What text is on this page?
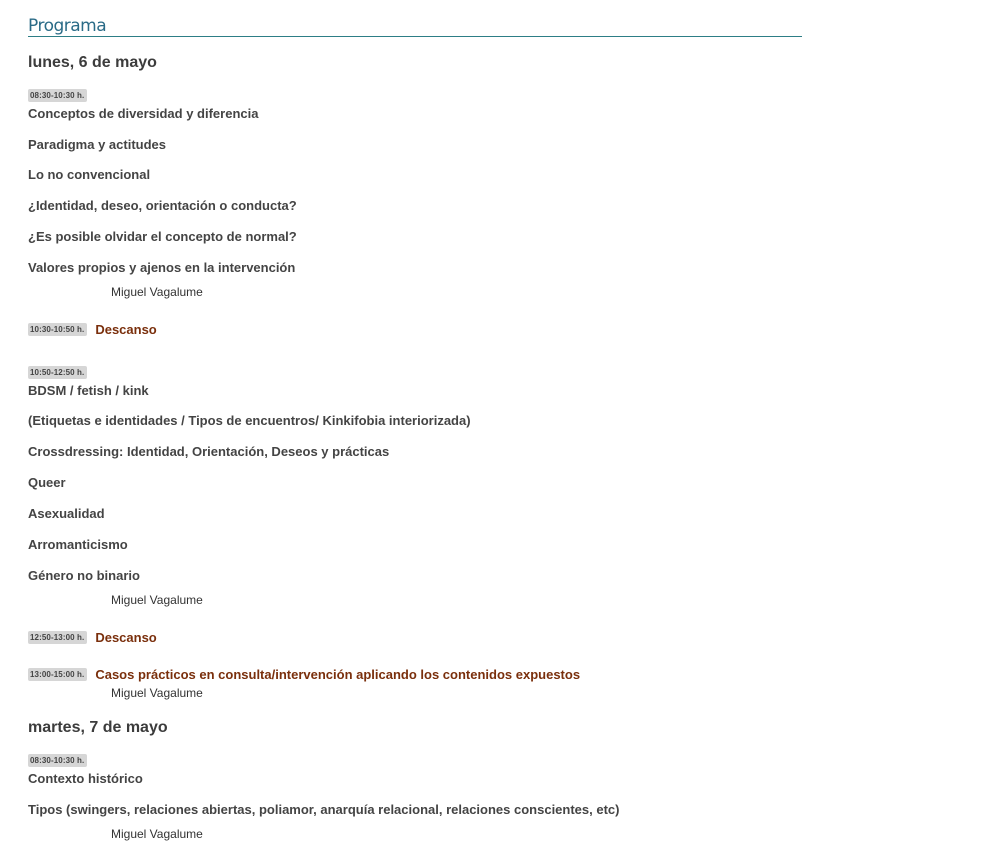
Programa
lunes, 6 de mayo
08:30-10:30 h.
Conceptos de diversidad y diferencia
Paradigma y actitudes
Lo no convencional
¿Identidad, deseo, orientación o conducta?
¿Es posible olvidar el concepto de normal?
Valores propios y ajenos en la intervención
Miguel Vagalume
10:30-10:50 h. Descanso
10:50-12:50 h.
BDSM / fetish / kink
(Etiquetas e identidades / Tipos de encuentros/ Kinkifobia interiorizada)
Crossdressing: Identidad, Orientación, Deseos y prácticas
Queer
Asexualidad
Arromanticismo
Género no binario
Miguel Vagalume
12:50-13:00 h. Descanso
13:00-15:00 h. Casos prácticos en consulta/intervención aplicando los contenidos expuestos
Miguel Vagalume
martes, 7 de mayo
08:30-10:30 h.
Contexto histórico
Tipos (swingers, relaciones abiertas, poliamor, anarquía relacional, relaciones conscientes, etc)
Miguel Vagalume
